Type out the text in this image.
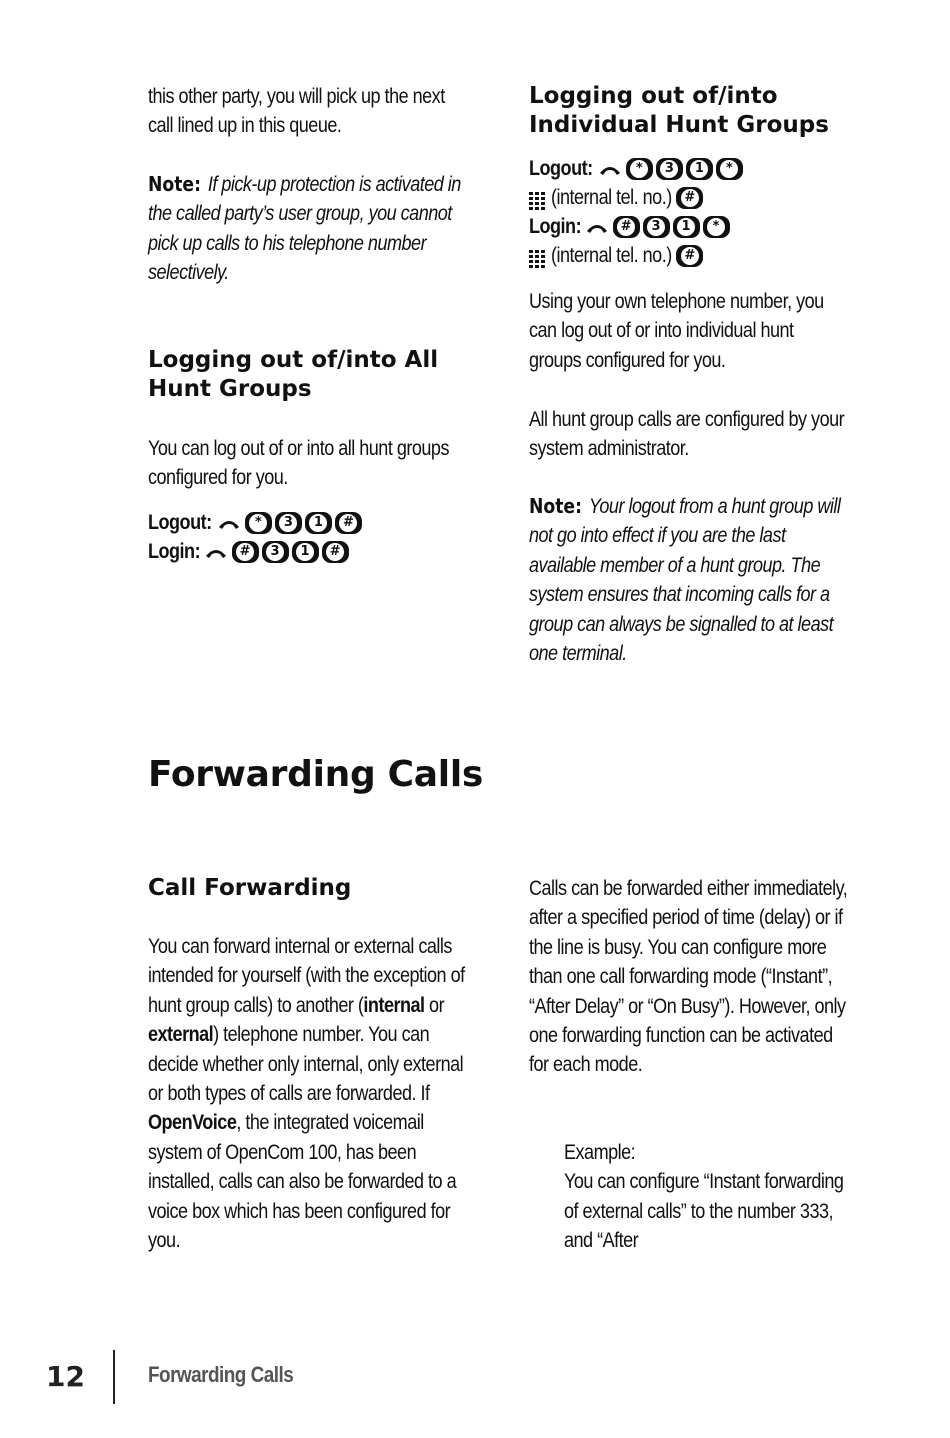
this other party, you will pick up the next call lined up in this queue.

Note: If pick-up protection is activated in the called party’s user group, you cannot pick up calls to his telephone number selectively.

Logging out of/into All Hunt Groups

You can log out of or into all hunt groups configured for you.

Logout:	*	3	1	#
Login:	#	3	1	#
Logging out of/into Individual Hunt Groups
Logout:	*	3	1	*
(internal tel. no.) #
Login:	#	3	1	*
(internal tel. no.) #

Using your own telephone number, you can log out of or into individual hunt groups configured for you.

All hunt group calls are configured by your system administrator.

Note: Your logout from a hunt group will not go into effect if you are the last available member of a hunt group. The system ensures that incoming calls for a group can always be signalled to at least one terminal.

Forwarding Calls
Call Forwarding

You can forward internal or external calls intended for yourself (with the exception of hunt group calls) to another (internal or external) telephone number. You can decide whether only internal, only external or both types of calls are forwarded. If OpenVoice, the integrated voicemail system of OpenCom 100, has been installed, calls can also be forwarded to a voice box which has been configured for you.

Calls can be forwarded either immediately, after a specified period of time (delay) or if the line is busy. You can configure more than one call forwarding mode (“Instant”, “After Delay” or “On Busy”). However, only one forwarding function can be activated for each mode.

Example:
You can configure “Instant forwarding of external calls” to the number 333, and “After

12	Forwarding Calls
